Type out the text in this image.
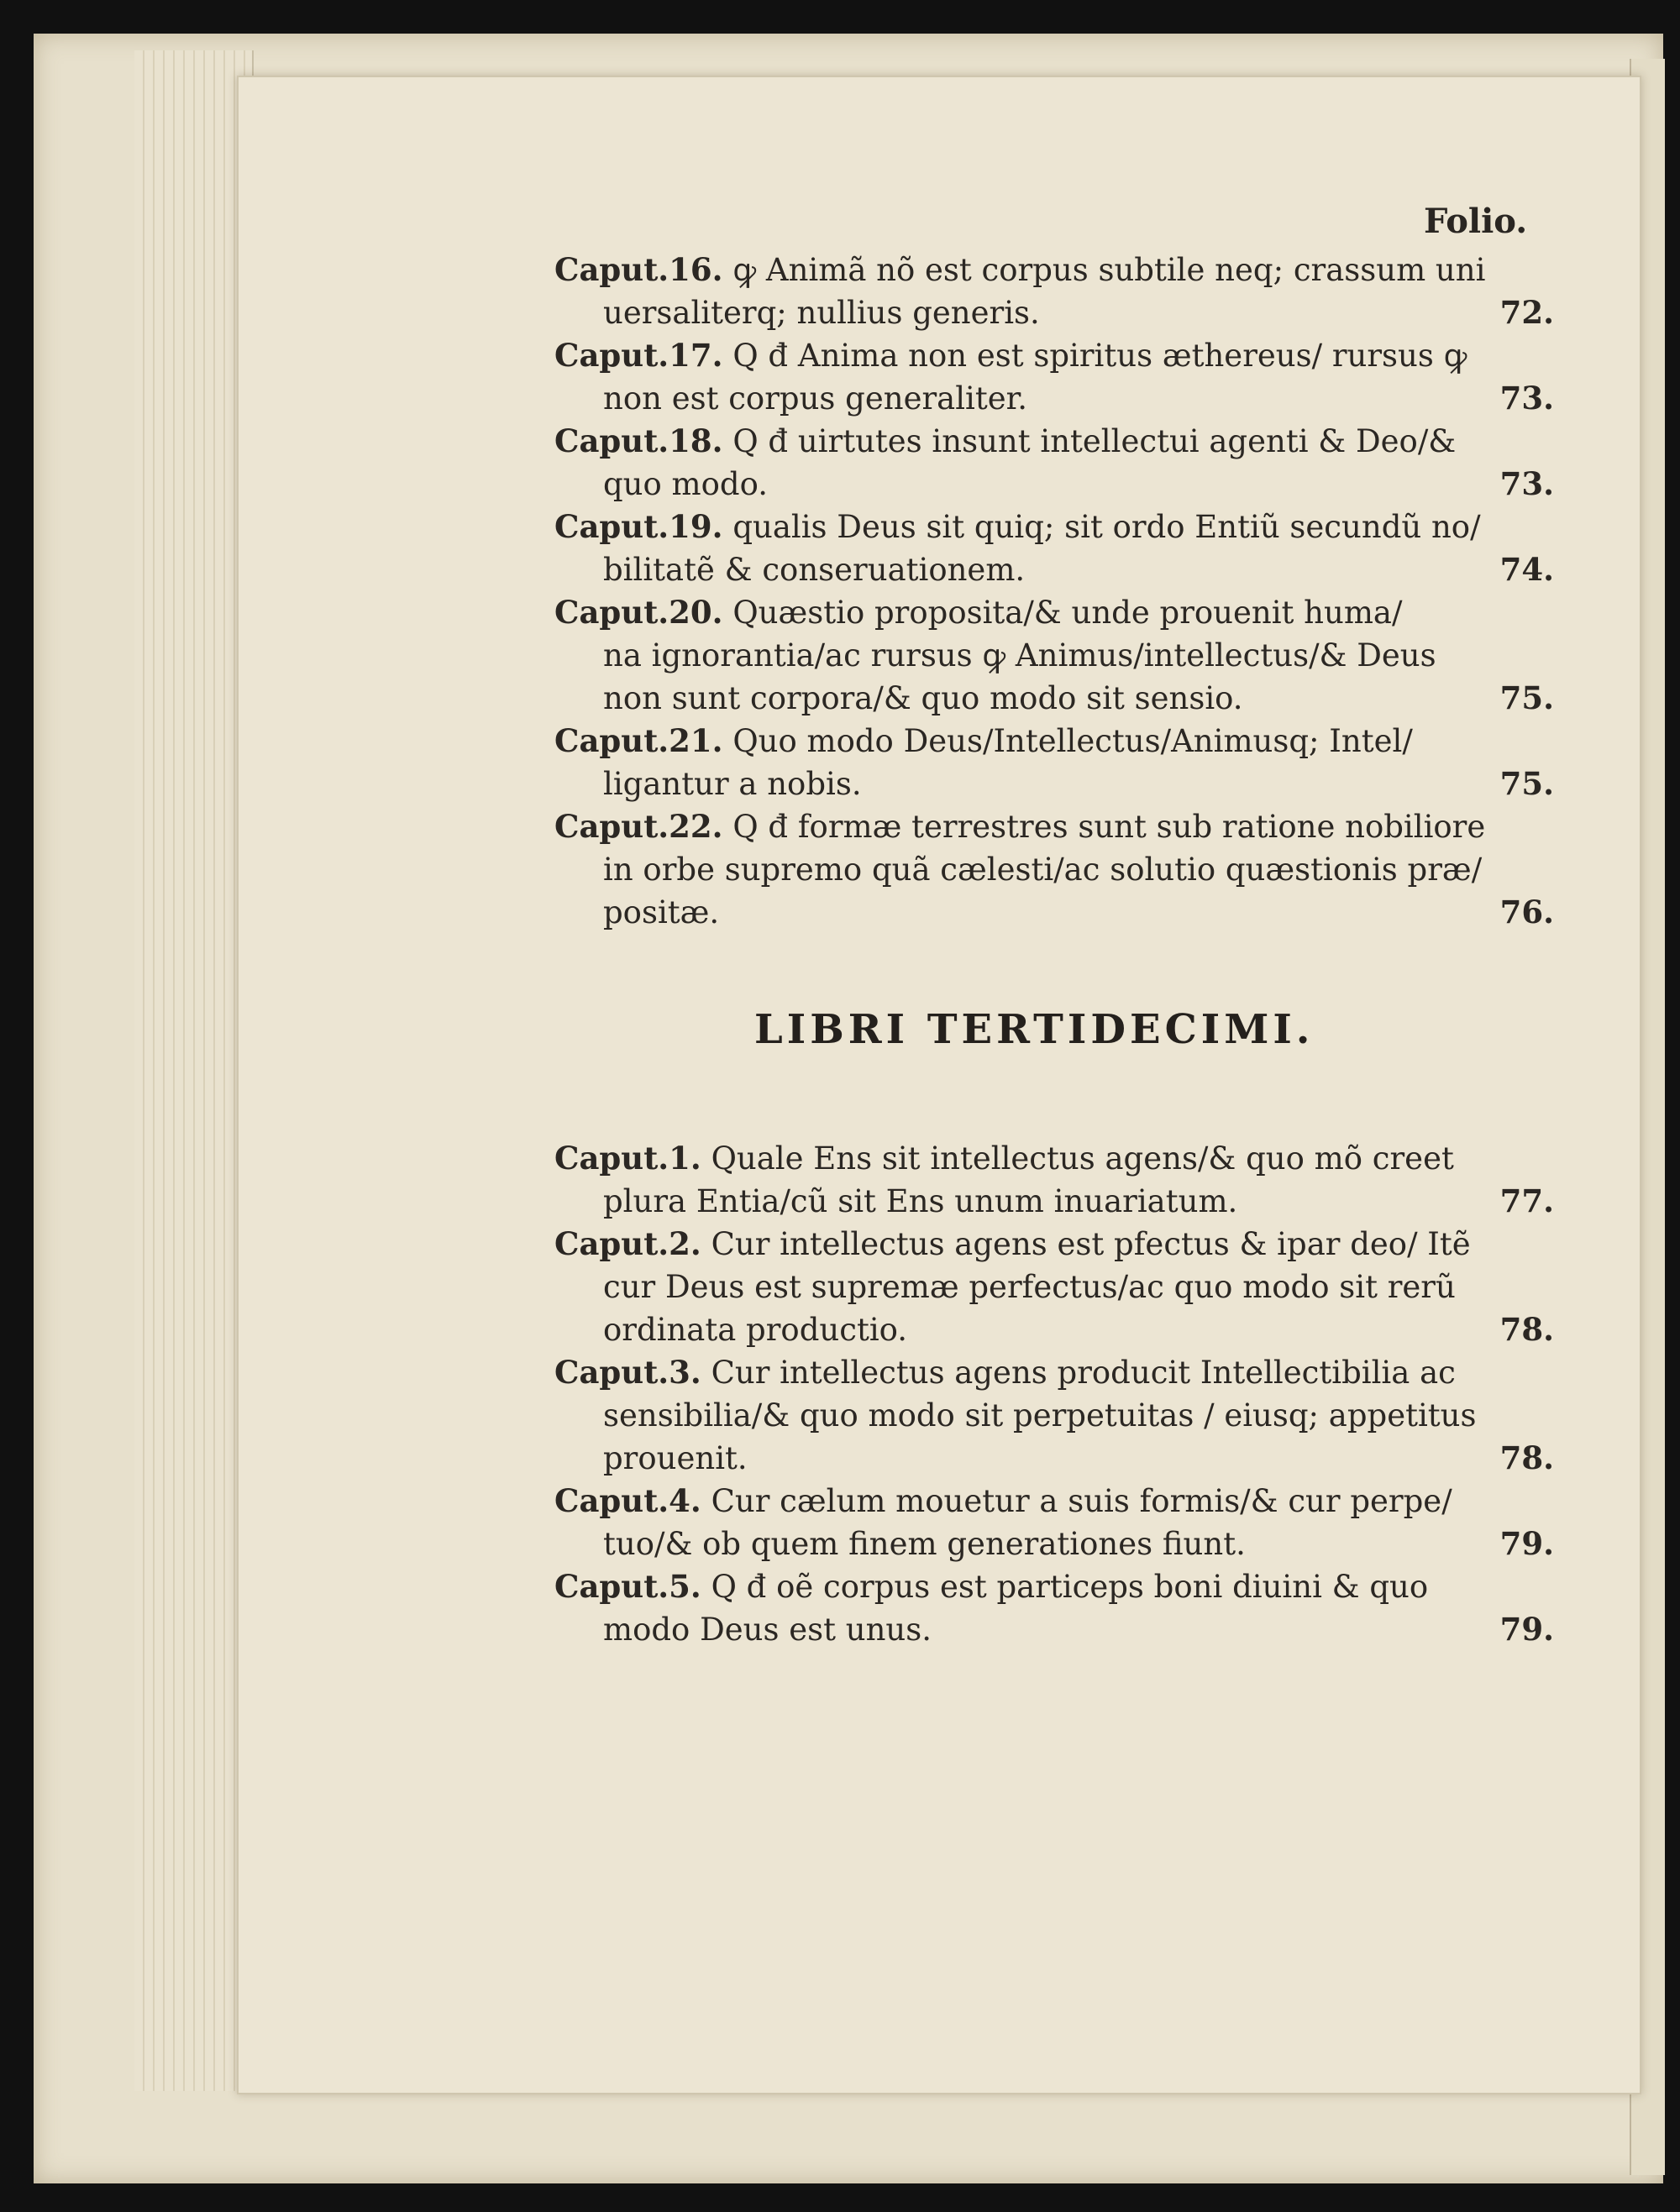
Folio.
Caput.16. ꝙ Animã nõ est corpus subtile neq; crassum uni
uersaliterq; nullius generis.	72.
Caput.17. Q đ Anima non est spiritus æthereus/ rursus ꝙ
non est corpus generaliter.	73.
Caput.18. Q đ uirtutes insunt intellectui agenti & Deo/&
quo modo.	73.
Caput.19. qualis Deus sit quiq; sit ordo Entiũ secundũ no/
bilitatẽ & conseruationem.	74.
Caput.20. Quæstio proposita/& unde prouenit huma/
na ignorantia/ac rursus ꝙ Animus/intellectus/& Deus
non sunt corpora/& quo modo sit sensio.	75.
Caput.21. Quo modo Deus/Intellectus/Animusq; Intel/
ligantur a nobis.	75.
Caput.22. Q đ formæ terrestres sunt sub ratione nobiliore
in orbe supremo quã cælesti/ac solutio quæstionis præ/
positæ.	76.
LIBRI TERTIDECIMI.
Caput.1. Quale Ens sit intellectus agens/& quo mõ creet
plura Entia/cũ sit Ens unum inuariatum.	77.
Caput.2. Cur intellectus agens est pfectus & ipar deo/ Itẽ
cur Deus est supremæ perfectus/ac quo modo sit rerũ
ordinata productio.	78.
Caput.3. Cur intellectus agens producit Intellectibilia ac
sensibilia/& quo modo sit perpetuitas / eiusq; appetitus
prouenit.	78.
Caput.4. Cur cælum mouetur a suis formis/& cur perpe/
tuo/& ob quem finem generationes fiunt.	79.
Caput.5. Q đ oẽ corpus est particeps boni diuini & quo
modo Deus est unus.	79.
